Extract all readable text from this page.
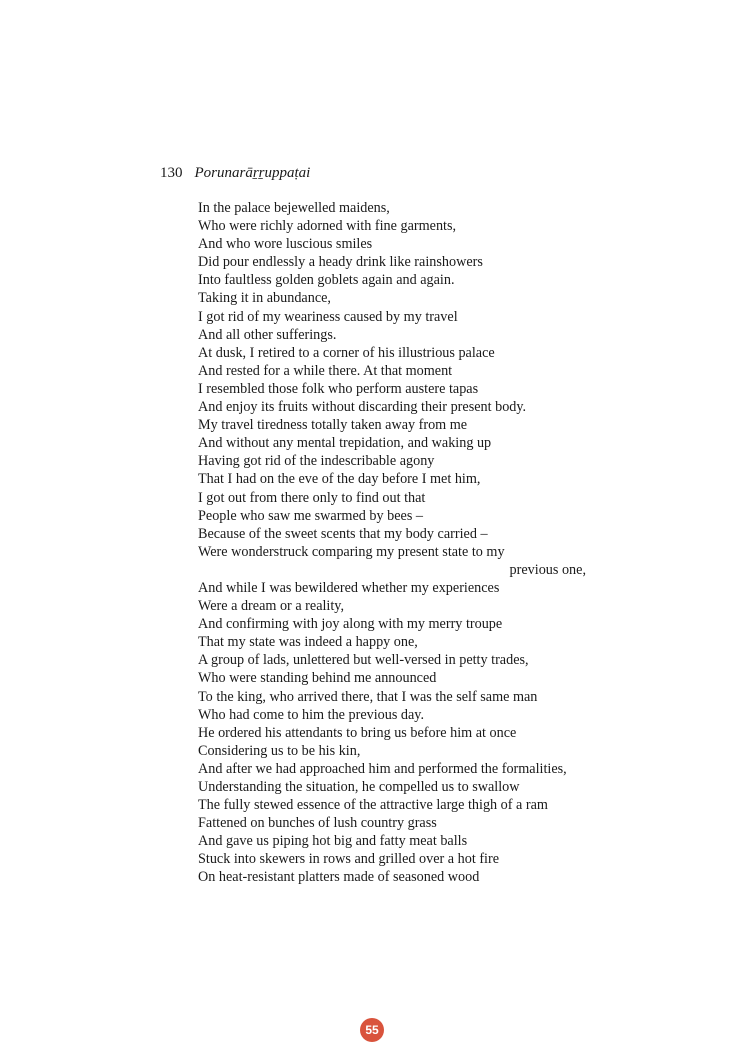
130 Porunarāṟṟuppaṭai
In the palace bejewelled maidens,
Who were richly adorned with fine garments,
And who wore luscious smiles
Did pour endlessly a heady drink like rainshowers
Into faultless golden goblets again and again.
Taking it in abundance,
I got rid of my weariness caused by my travel
And all other sufferings.
At dusk, I retired to a corner of his illustrious palace
And rested for a while there. At that moment
I resembled those folk who perform austere tapas
And enjoy its fruits without discarding their present body.
My travel tiredness totally taken away from me
And without any mental trepidation, and waking up
Having got rid of the indescribable agony
That I had on the eve of the day before I met him,
I got out from there only to find out that
People who saw me swarmed by bees –
Because of the sweet scents that my body carried –
Were wonderstruck comparing my present state to my
previous one,
And while I was bewildered whether my experiences
Were a dream or a reality,
And confirming with joy along with my merry troupe
That my state was indeed a happy one,
A group of lads, unlettered but well-versed in petty trades,
Who were standing behind me announced
To the king, who arrived there, that I was the self same man
Who had come to him the previous day.
He ordered his attendants to bring us before him at once
Considering us to be his kin,
And after we had approached him and performed the formalities,
Understanding the situation, he compelled us to swallow
The fully stewed essence of the attractive large thigh of a ram
Fattened on bunches of lush country grass
And gave us piping hot big and fatty meat balls
Stuck into skewers in rows and grilled over a hot fire
On heat-resistant platters made of seasoned wood
55
